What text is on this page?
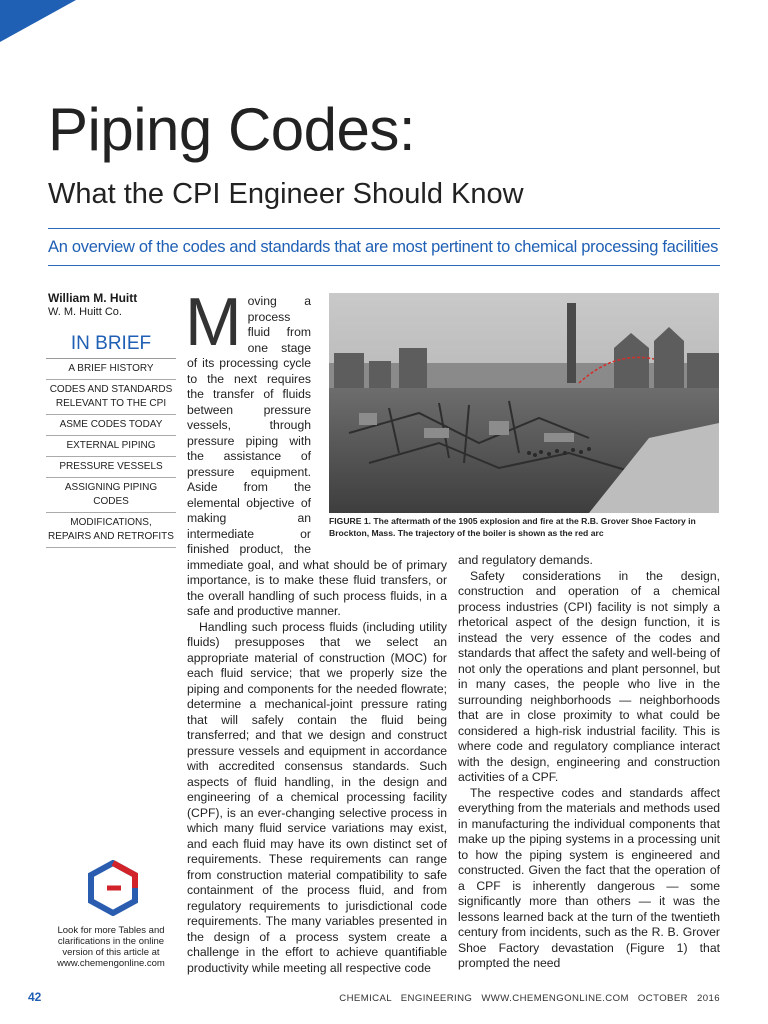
Piping Codes:
What the CPI Engineer Should Know
An overview of the codes and standards that are most pertinent to chemical processing facilities
William M. Huitt
W. M. Huitt Co.
IN BRIEF
A BRIEF HISTORY
CODES AND STANDARDS RELEVANT TO THE CPI
ASME CODES TODAY
EXTERNAL PIPING
PRESSURE VESSELS
ASSIGNING PIPING CODES
MODIFICATIONS, REPAIRS AND RETROFITS
M oving a process fluid from one stage of its processing cycle to the next requires the transfer of fluids between pressure vessels, through pressure piping with the assistance of pressure equipment. Aside from the elemental objective of making an intermediate or finished product, the immediate goal, and what should be of primary importance, is to make these fluid transfers, or the overall handling of such process fluids, in a safe and productive manner.

Handling such process fluids (including utility fluids) presupposes that we select an appropriate material of construction (MOC) for each fluid service; that we properly size the piping and components for the needed flowrate; determine a mechanical-joint pressure rating that will safely contain the fluid being transferred; and that we design and construct pressure vessels and equipment in accordance with accredited consensus standards. Such aspects of fluid handling, in the design and engineering of a chemical processing facility (CPF), is an ever-changing selective process in which many fluid service variations may exist, and each fluid may have its own distinct set of requirements. These requirements can range from construction material compatibility to safe containment of the process fluid, and from regulatory requirements to jurisdictional code requirements. The many variables presented in the design of a process system create a challenge in the effort to achieve quantifiable productivity while meeting all respective code

FIGURE 1. The aftermath of the 1905 explosion and fire at the R.B. Grover Shoe Factory in Brockton, Mass. The trajectory of the boiler is shown as the red arc

and regulatory demands.

Safety considerations in the design, construction and operation of a chemical process industries (CPI) facility is not simply a rhetorical aspect of the design function, it is instead the very essence of the codes and standards that affect the safety and well-being of not only the operations and plant personnel, but in many cases, the people who live in the surrounding neighborhoods — neighborhoods that are in close proximity to what could be considered a high-risk industrial facility. This is where code and regulatory compliance interact with the design, engineering and construction activities of a CPF.

The respective codes and standards affect everything from the materials and methods used in manufacturing the individual components that make up the piping systems in a processing unit to how the piping system is engineered and constructed. Given the fact that the operation of a CPF is inherently dangerous — some significantly more than others — it was the lessons learned back at the turn of the twentieth century from incidents, such as the R. B. Grover Shoe Factory devastation (Figure 1) that prompted the need

Look for more Tables and clarifications in the online version of this article at www.chemengonline.com
42	CHEMICAL ENGINEERING WWW.CHEMENGONLINE.COM OCTOBER 2016
